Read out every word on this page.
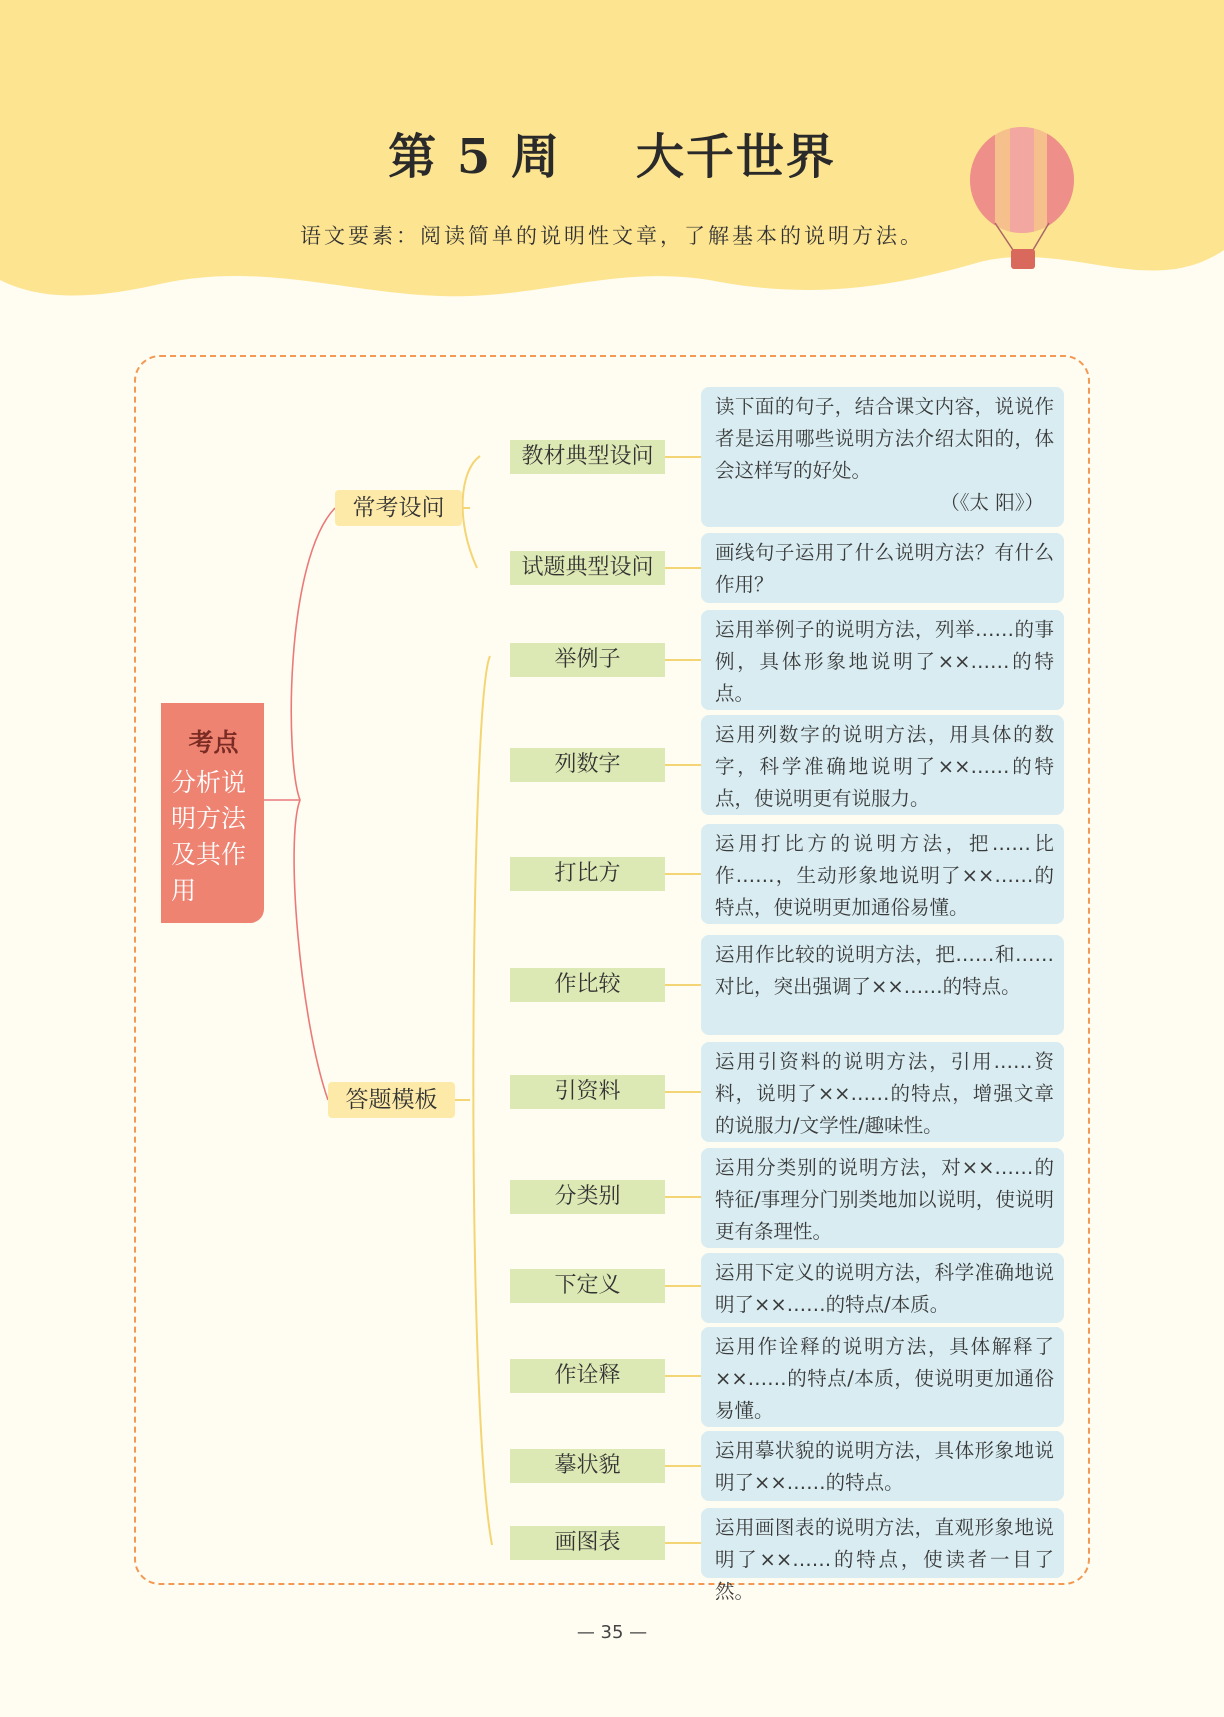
第 5 周    大千世界
语文要素：阅读简单的说明性文章，了解基本的说明方法。
考点
分析说明方法及其作用
常考设问
答题模板
教材典型设问
读下面的句子，结合课文内容，说说作者是运用哪些说明方法介绍太阳的，体会这样写的好处。
（《太 阳》）
试题典型设问
画线句子运用了什么说明方法？有什么作用？
举例子
运用举例子的说明方法，列举……的事例，具体形象地说明了××……的特点。
列数字
运用列数字的说明方法，用具体的数字，科学准确地说明了××……的特点，使说明更有说服力。
打比方
运用打比方的说明方法，把……比作……，生动形象地说明了××……的特点，使说明更加通俗易懂。
作比较
运用作比较的说明方法，把……和……对比，突出强调了××……的特点。
引资料
运用引资料的说明方法，引用……资料，说明了××……的特点，增强文章的说服力/文学性/趣味性。
分类别
运用分类别的说明方法，对××……的特征/事理分门别类地加以说明，使说明更有条理性。
下定义
运用下定义的说明方法，科学准确地说明了××……的特点/本质。
作诠释
运用作诠释的说明方法，具体解释了××……的特点/本质，使说明更加通俗易懂。
摹状貌
运用摹状貌的说明方法，具体形象地说明了××……的特点。
画图表
运用画图表的说明方法，直观形象地说明了××……的特点，使读者一目了然。
— 35 —
